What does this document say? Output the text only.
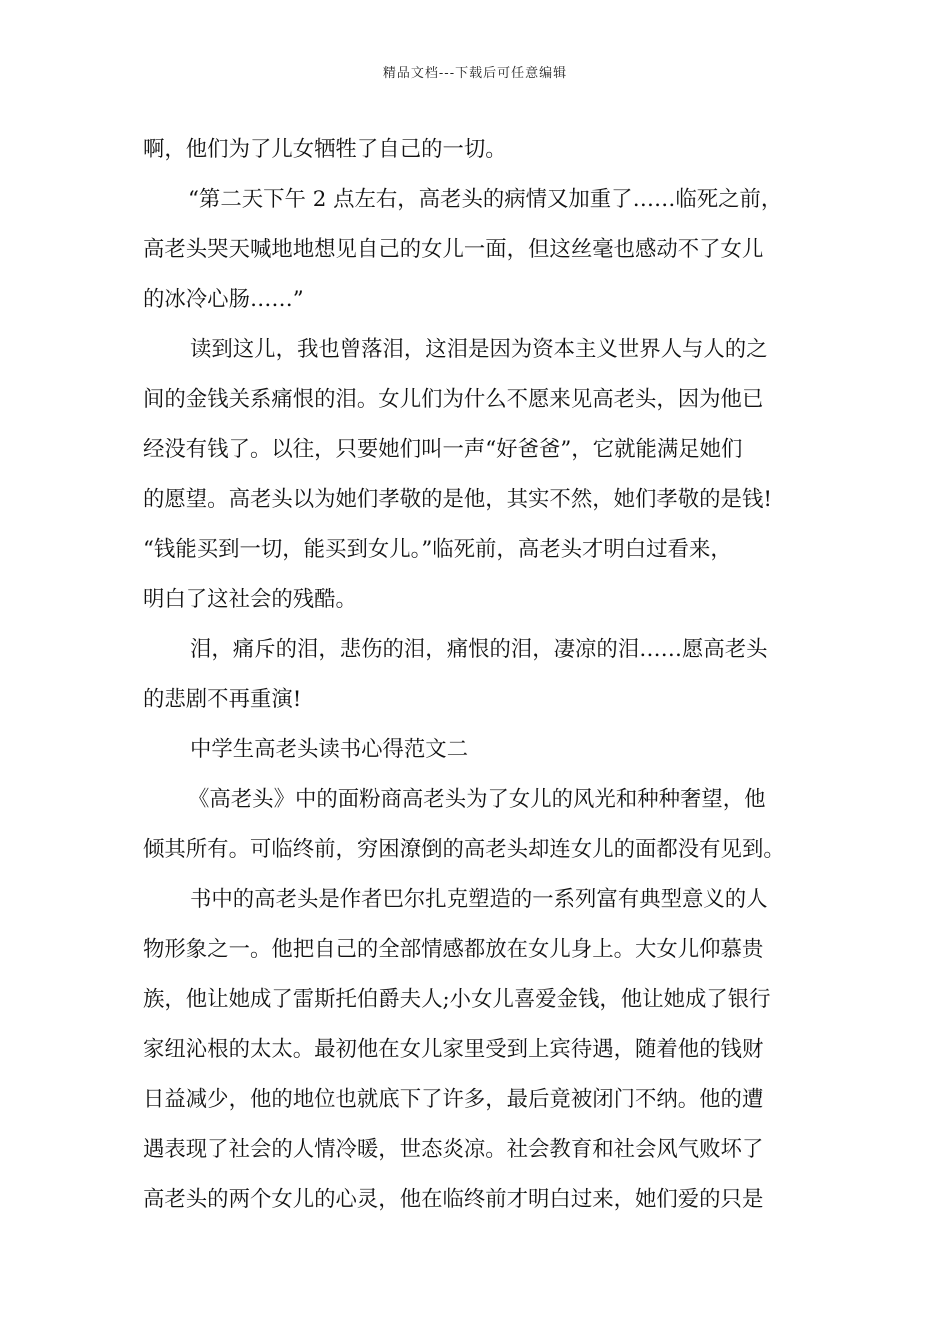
精品文档---下载后可任意编辑
啊，他们为了儿女牺牲了自己的一切。
“第二天下午 2 点左右，高老头的病情又加重了……临死之前，
高老头哭天喊地地想见自己的女儿一面，但这丝毫也感动不了女儿
的冰冷心肠……”
读到这儿，我也曾落泪，这泪是因为资本主义世界人与人的之
间的金钱关系痛恨的泪。女儿们为什么不愿来见高老头，因为他已
经没有钱了。以往，只要她们叫一声“好爸爸”，它就能满足她们
的愿望。高老头以为她们孝敬的是他，其实不然，她们孝敬的是钱!
“钱能买到一切，能买到女儿。”临死前，高老头才明白过看来，
明白了这社会的残酷。
泪，痛斥的泪，悲伤的泪，痛恨的泪，凄凉的泪……愿高老头
的悲剧不再重演!
中学生高老头读书心得范文二
《高老头》中的面粉商高老头为了女儿的风光和种种奢望，他
倾其所有。可临终前，穷困潦倒的高老头却连女儿的面都没有见到。
书中的高老头是作者巴尔扎克塑造的一系列富有典型意义的人
物形象之一。他把自己的全部情感都放在女儿身上。大女儿仰慕贵
族，他让她成了雷斯托伯爵夫人;小女儿喜爱金钱，他让她成了银行
家纽沁根的太太。最初他在女儿家里受到上宾待遇，随着他的钱财
日益减少，他的地位也就底下了许多，最后竟被闭门不纳。他的遭
遇表现了社会的人情冷暖，世态炎凉。社会教育和社会风气败坏了
高老头的两个女儿的心灵，他在临终前才明白过来，她们爱的只是
